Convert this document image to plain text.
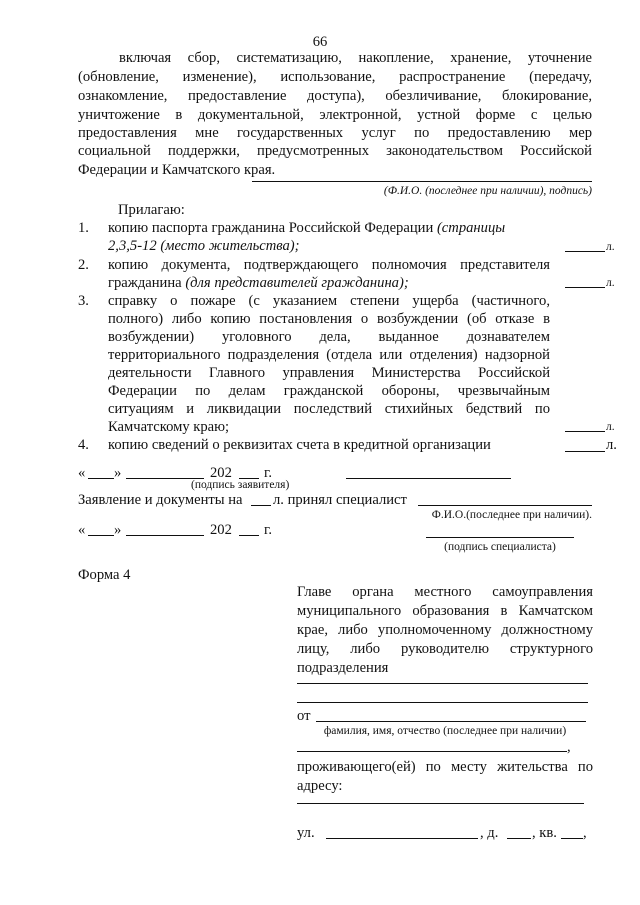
66
включая сбор, систематизацию, накопление, хранение, уточнение
(обновление, изменение), использование, распространение (передачу,
ознакомление, предоставление доступа), обезличивание, блокирование,
уничтожение в документальной, электронной, устной форме с целью
предоставления мне государственных услуг по предоставлению мер
социальной поддержки, предусмотренных законодательством Российской
Федерации и Камчатского края.
(Ф.И.О. (последнее при наличии), подпись)
Прилагаю:
1. копию паспорта гражданина Российской Федерации (страницы
2,3,5-12 (место жительства);	л.
2. копию документа, подтверждающего полномочия представителя
гражданина (для представителей гражданина);	л.
3. справку о пожаре (с указанием степени ущерба (частичного,
полного) либо копию постановления о возбуждении (об отказе в
возбуждении) уголовного дела, выданное дознавателем
территориального подразделения (отдела или отделения) надзорной
деятельности Главного управления Министерства Российской
Федерации по делам гражданской обороны, чрезвычайным
ситуациям и ликвидации последствий стихийных бедствий по
Камчатскому краю;	л.
4. копию сведений о реквизитах счета в кредитной организации	л.
« »	202 г.
(подпись заявителя)
Заявление и документы на л. принял специалист
Ф.И.О.(последнее при наличии).
« »	202 г.
(подпись специалиста)
Форма 4
Главе органа местного самоуправления
муниципального образования в Камчатском
крае, либо уполномоченному должностному
лицу, либо руководителю структурного
подразделения
от
фамилия, имя, отчество (последнее при наличии)
,
проживающего(ей) по месту жительства по
адресу:
ул.	, д. , кв. ,
